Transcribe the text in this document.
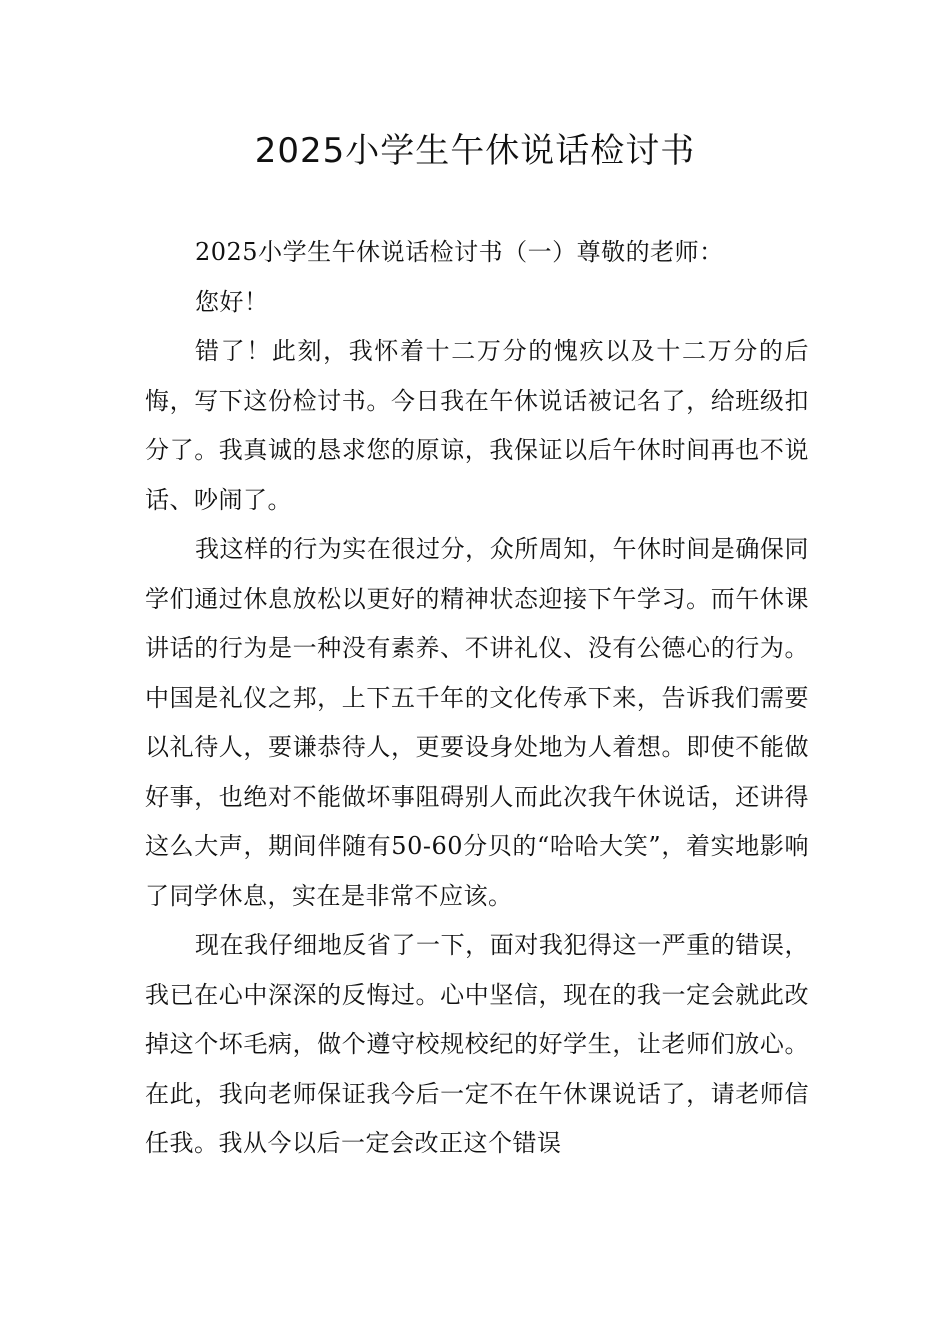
2025小学生午休说话检讨书

2025小学生午休说话检讨书（一）尊敬的老师：

您好！

错了！此刻，我怀着十二万分的愧疚以及十二万分的后悔，写下这份检讨书。今日我在午休说话被记名了，给班级扣分了。我真诚的恳求您的原谅，我保证以后午休时间再也不说话、吵闹了。

我这样的行为实在很过分，众所周知，午休时间是确保同学们通过休息放松以更好的精神状态迎接下午学习。而午休课讲话的行为是一种没有素养、不讲礼仪、没有公德心的行为。中国是礼仪之邦，上下五千年的文化传承下来，告诉我们需要以礼待人，要谦恭待人，更要设身处地为人着想。即使不能做好事，也绝对不能做坏事阻碍别人而此次我午休说话，还讲得这么大声，期间伴随有50-60分贝的“哈哈大笑”，着实地影响了同学休息，实在是非常不应该。

现在我仔细地反省了一下，面对我犯得这一严重的错误，我已在心中深深的反悔过。心中坚信，现在的我一定会就此改掉这个坏毛病，做个遵守校规校纪的好学生，让老师们放心。在此，我向老师保证我今后一定不在午休课说话了，请老师信任我。我从今以后一定会改正这个错误
